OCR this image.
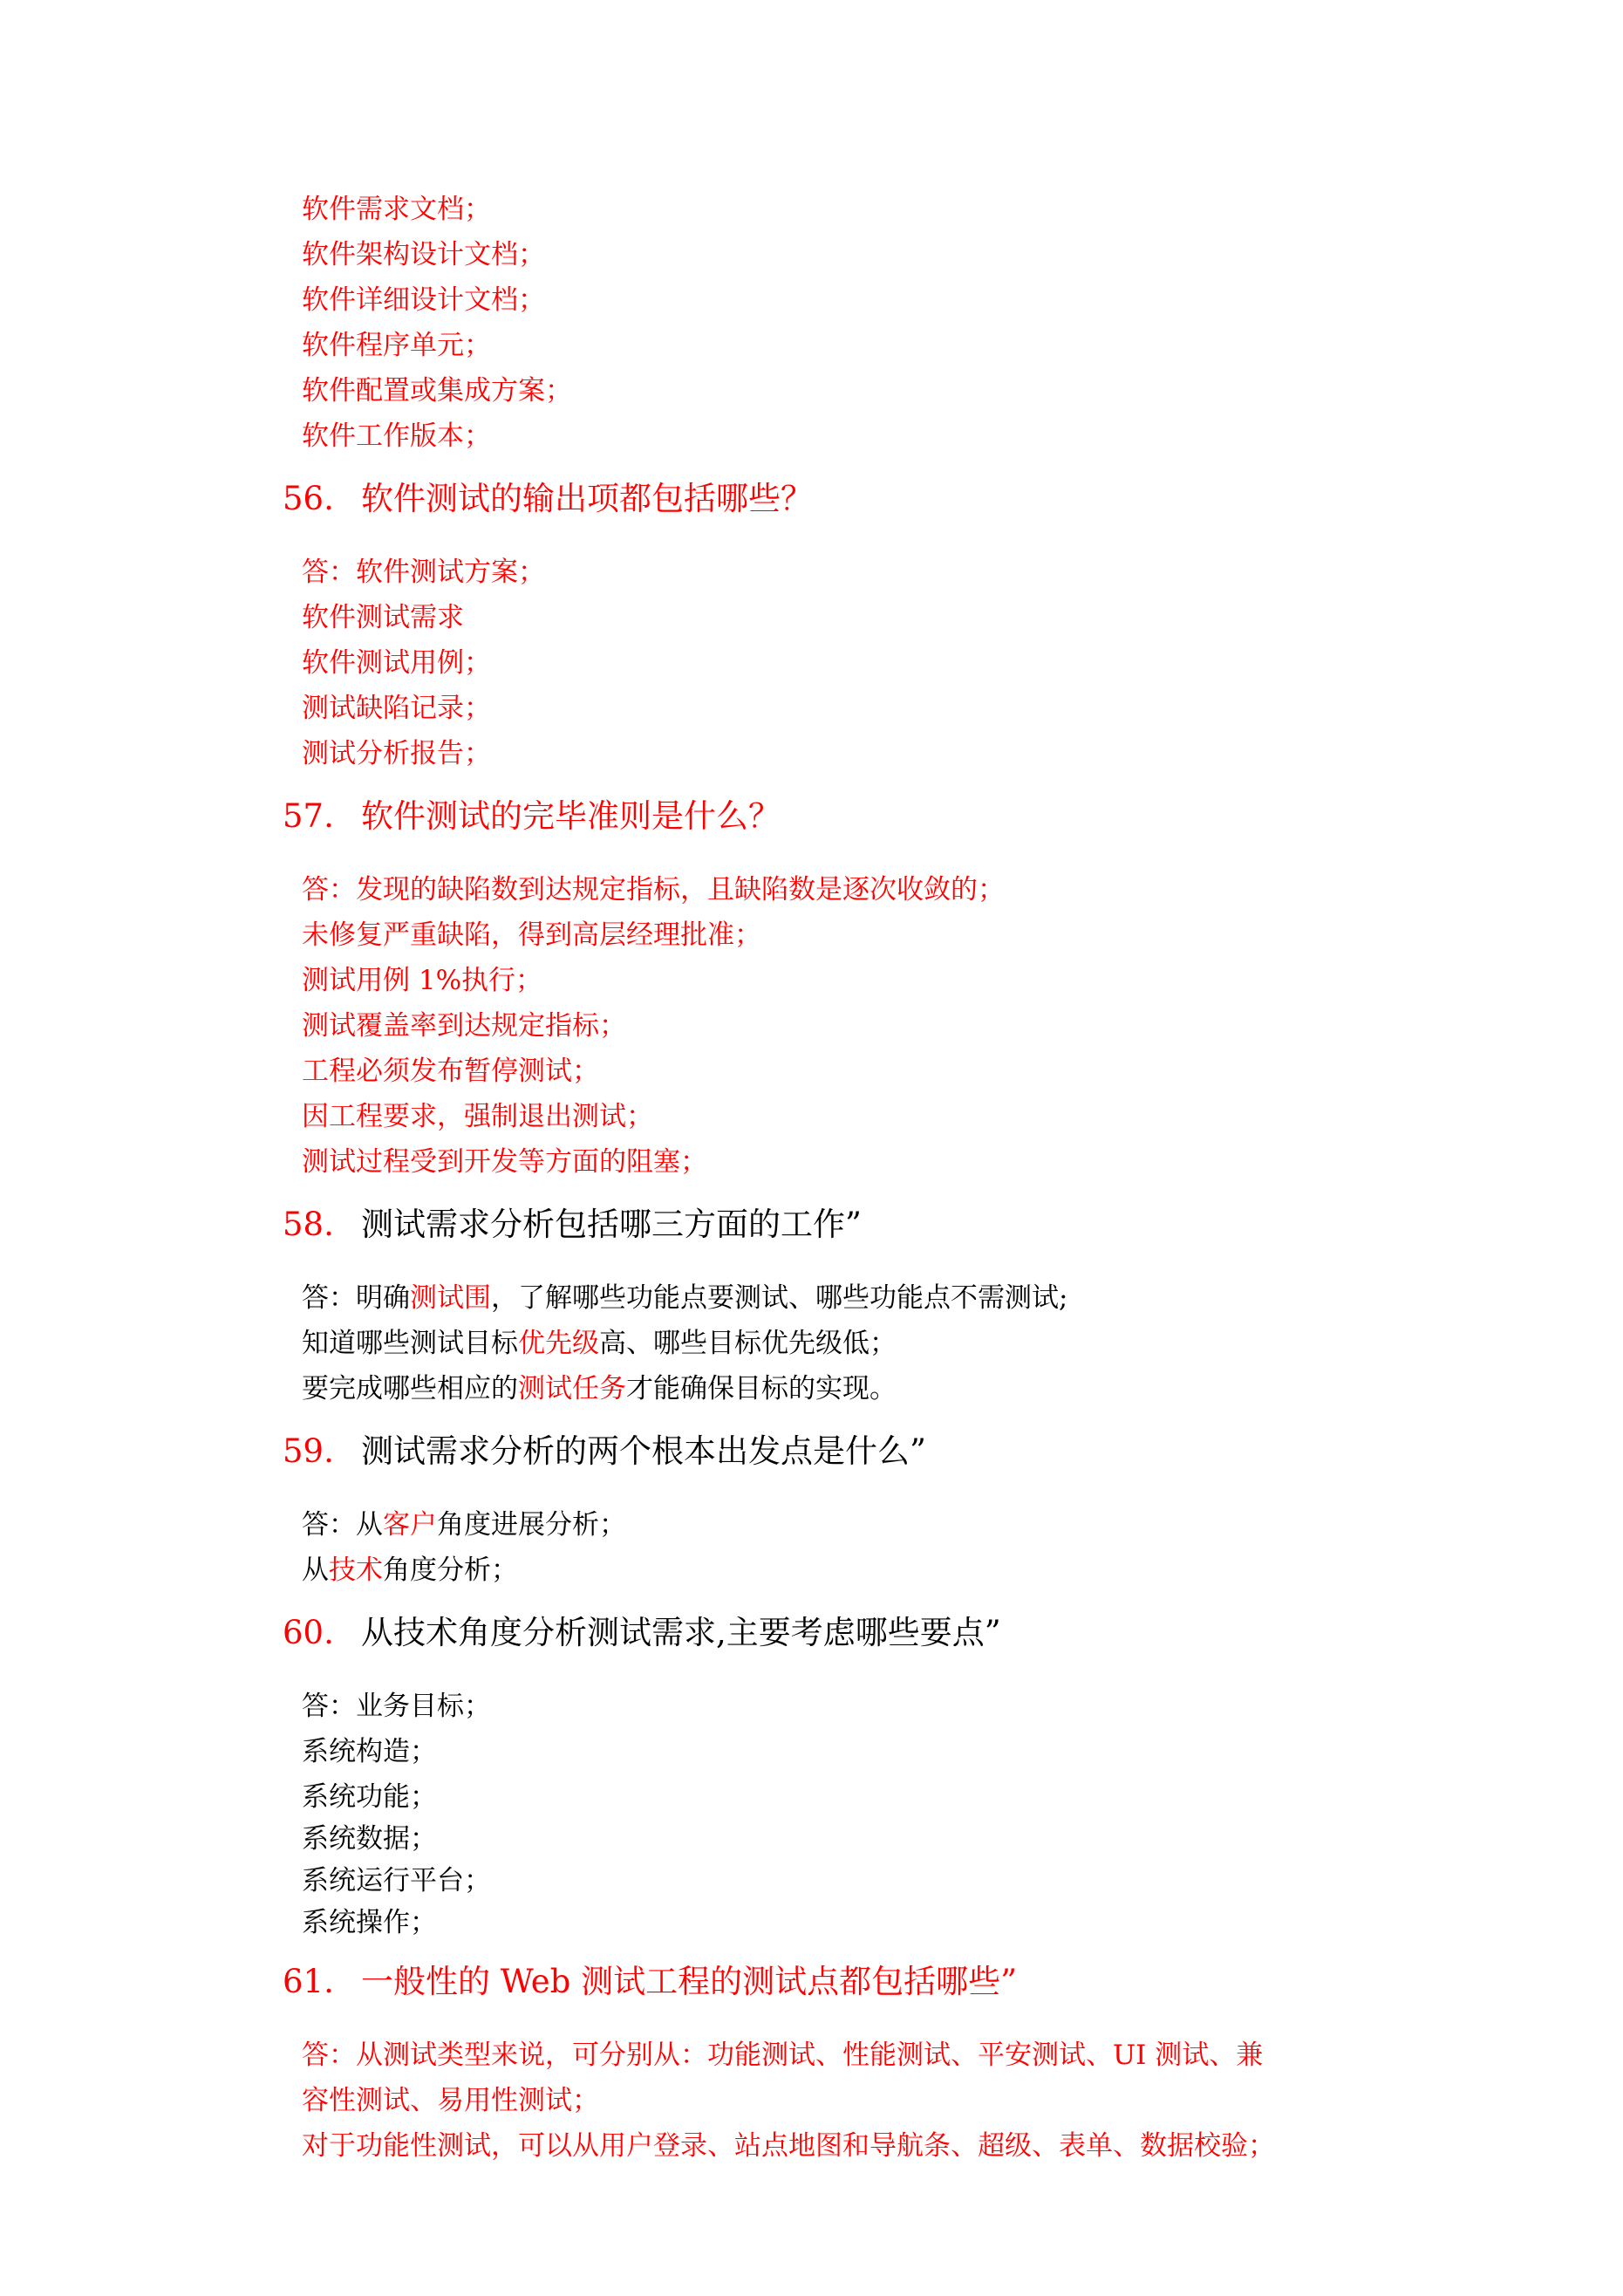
软件需求文档；
软件架构设计文档；
软件详细设计文档；
软件程序单元；
软件配置或集成方案；
软件工作版本；
56. 软件测试的输出项都包括哪些？
答：软件测试方案；
软件测试需求
软件测试用例；
测试缺陷记录；
测试分析报告；
57. 软件测试的完毕准则是什么？
答：发现的缺陷数到达规定指标，且缺陷数是逐次收敛的；
未修复严重缺陷，得到高层经理批准；
测试用例 1%执行；
测试覆盖率到达规定指标；
工程必须发布暂停测试；
因工程要求，强制退出测试；
测试过程受到开发等方面的阻塞；
58. 测试需求分析包括哪三方面的工作”
答：明确测试围，了解哪些功能点要测试、哪些功能点不需测试;
知道哪些测试目标优先级高、哪些目标优先级低；
要完成哪些相应的测试任务才能确保目标的实现。
59. 测试需求分析的两个根本出发点是什么”
答：从客户角度进展分析；
从技术角度分析；
60. 从技术角度分析测试需求,主要考虑哪些要点”
答：业务目标；
系统构造；
系统功能；
系统数据；
系统运行平台；
系统操作；
61. 一般性的 Web 测试工程的测试点都包括哪些”
答：从测试类型来说，可分别从：功能测试、性能测试、平安测试、UI 测试、兼
容性测试、易用性测试；
对于功能性测试，可以从用户登录、站点地图和导航条、超级、表单、数据校验；
